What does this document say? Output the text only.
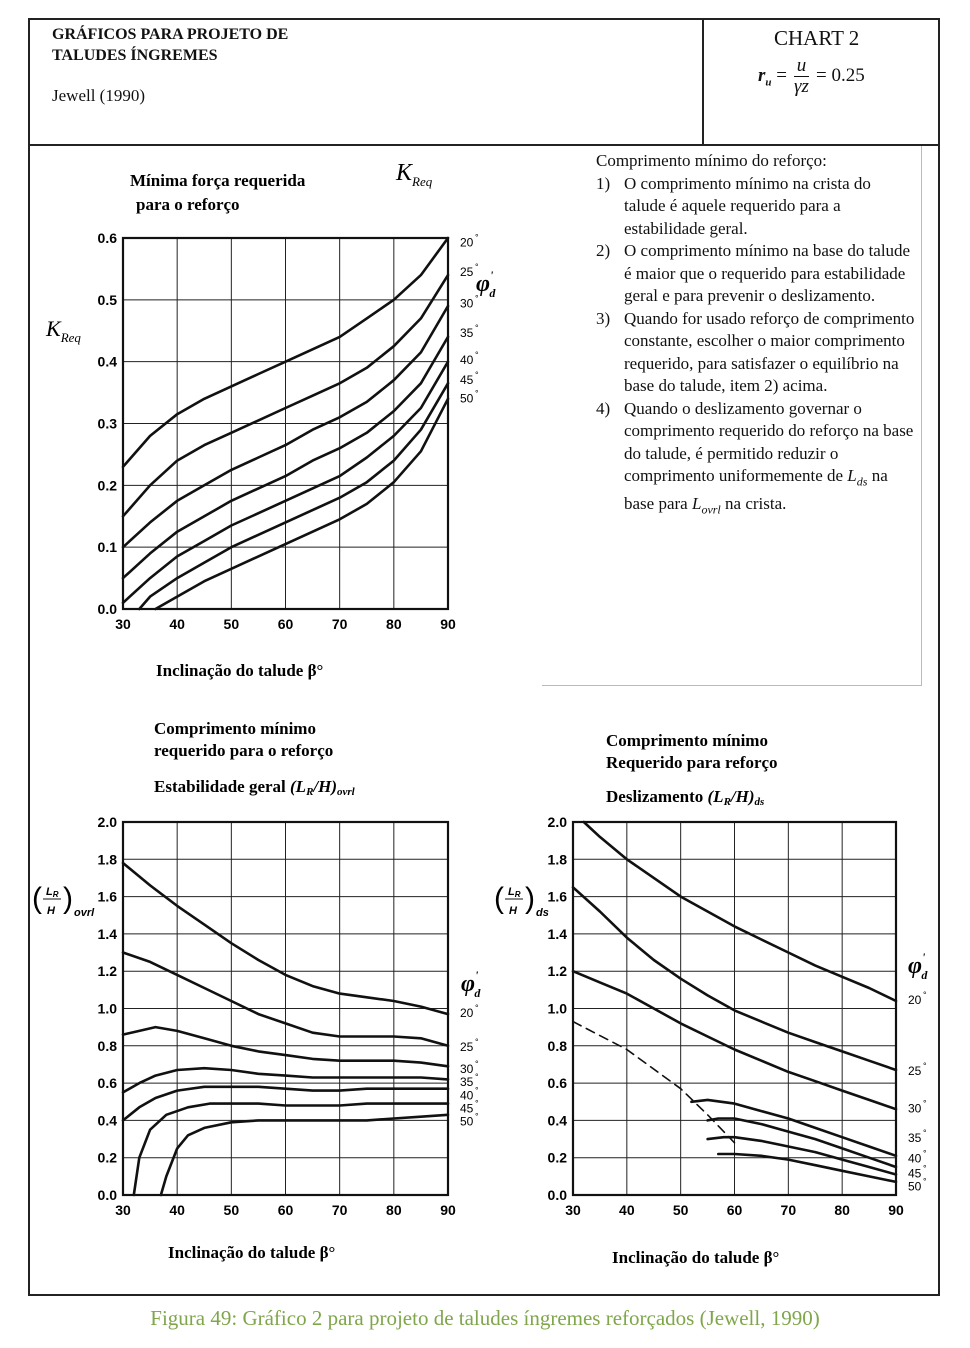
GRÁFICOS PARA PROJETO DE
TALUDES ÍNGREMES
Jewell (1990)
CHART 2
$r_u = \frac{u}{\gamma z} = 0.25$
Comprimento mínimo do reforço:
1) O comprimento mínimo na crista do talude é aquele requerido para a estabilidade geral.
2) O comprimento mínimo na base do talude é maior que o requerido para estabilidade geral e para prevenir o deslizamento.
3) Quando for usado reforço de comprimento constante, escolher o maior comprimento requerido, para satisfazer o equilíbrio na base do talude, item 2) acima.
4) Quando o deslizamento governar o comprimento requerido do reforço na base do talude, é permitido reduzir o comprimento uniformemente de $L_{ds}$ na base para $L_{ovrl}$ na crista.
Mínima força requerida
para o reforço
$K_{Req}$
$K_{Req}$
φ' d
Inclinação do talude β°
30	40	50	60	70	80	90
0.0
0.1
0.2
0.3
0.4
0.5
0.6	20 °
25 °
30 °
35 °
40 °
45 °
50 °
Comprimento mínimo
requerido para o reforço
Estabilidade geral (LR/H)ovrl
( LR
H ) ovrl
φ' d
Inclinação do talude β°
30	40	50	60	70	80	90
0.0
0.2
0.4
0.6
0.8
1.0
1.2
1.4
1.6
1.8
2.0
20 °
25 °
30 °
35 °
40 °
45 °
50 °
Comprimento mínimo
Requerido para reforço
Deslizamento (LR/H)ds
( LR
H ) ds
φ' d
Inclinação do talude β°
30	40	50	60	70	80	90
0.0
0.2
0.4
0.6
0.8
1.0
1.2
1.4
1.6
1.8
2.0
20 °
25 °
30 °
35 °
40 °
45 °
50 °
Figura 49: Gráfico 2 para projeto de taludes íngremes reforçados (Jewell, 1990)
